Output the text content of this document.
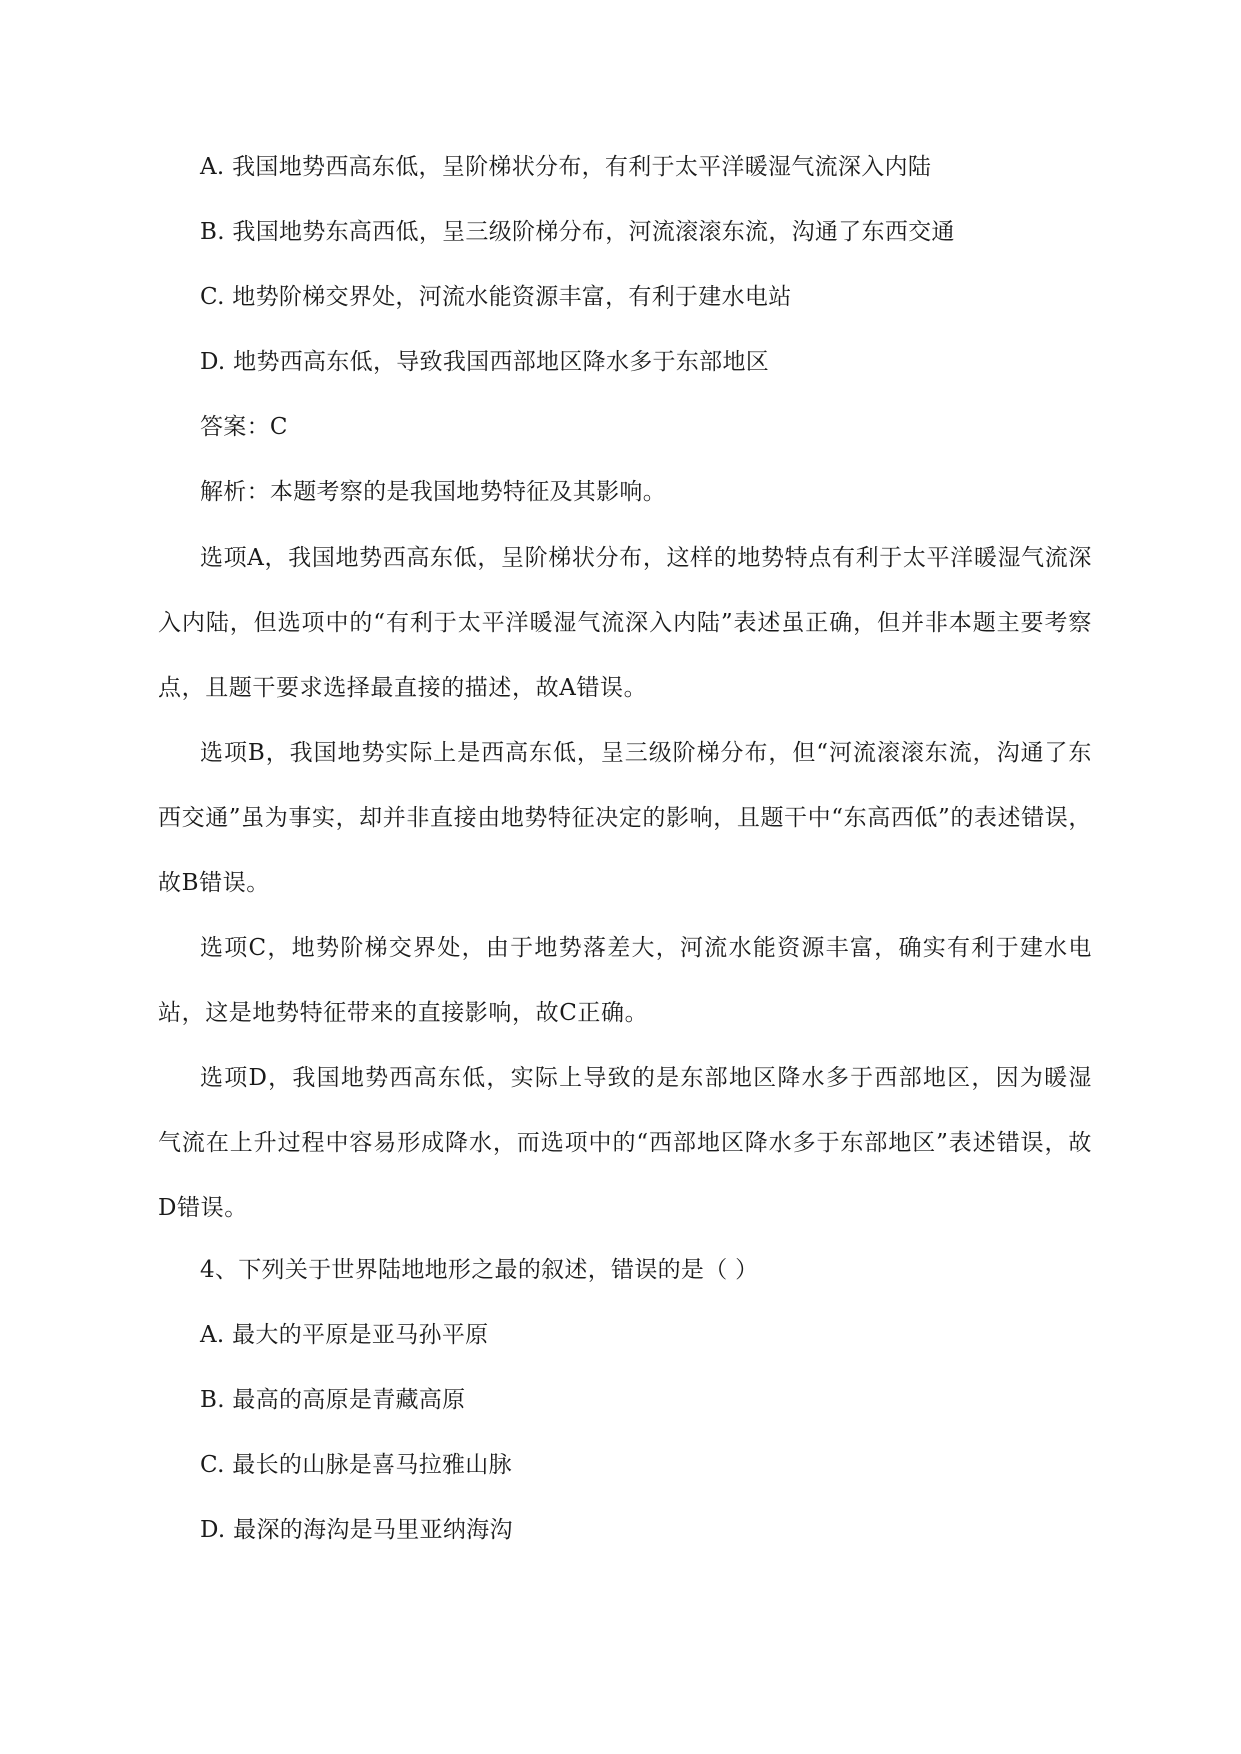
A. 我国地势西高东低，呈阶梯状分布，有利于太平洋暖湿气流深入内陆
B. 我国地势东高西低，呈三级阶梯分布，河流滚滚东流，沟通了东西交通
C. 地势阶梯交界处，河流水能资源丰富，有利于建水电站
D. 地势西高东低，导致我国西部地区降水多于东部地区
答案：C
解析：本题考察的是我国地势特征及其影响。
选项A，我国地势西高东低，呈阶梯状分布，这样的地势特点有利于太平洋暖湿气流深入内陆，但选项中的“有利于太平洋暖湿气流深入内陆”表述虽正确，但并非本题主要考察点，且题干要求选择最直接的描述，故A错误。
选项B，我国地势实际上是西高东低，呈三级阶梯分布，但“河流滚滚东流，沟通了东西交通”虽为事实，却并非直接由地势特征决定的影响，且题干中“东高西低”的表述错误，故B错误。
选项C，地势阶梯交界处，由于地势落差大，河流水能资源丰富，确实有利于建水电站，这是地势特征带来的直接影响，故C正确。
选项D，我国地势西高东低，实际上导致的是东部地区降水多于西部地区，因为暖湿气流在上升过程中容易形成降水，而选项中的“西部地区降水多于东部地区”表述错误，故D错误。
4、下列关于世界陆地地形之最的叙述，错误的是（ ）
A. 最大的平原是亚马孙平原
B. 最高的高原是青藏高原
C. 最长的山脉是喜马拉雅山脉
D. 最深的海沟是马里亚纳海沟
